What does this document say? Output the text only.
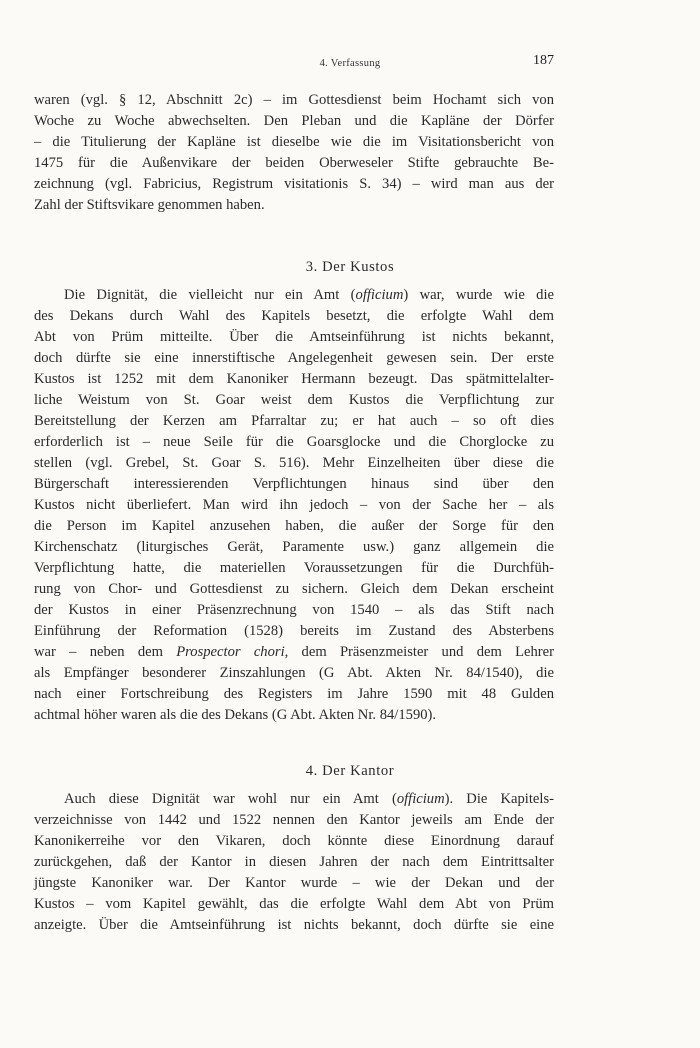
4. Verfassung	187
waren (vgl. § 12, Abschnitt 2c) – im Gottesdienst beim Hochamt sich von
Woche zu Woche abwechselten. Den Pleban und die Kapläne der Dörfer
– die Titulierung der Kapläne ist dieselbe wie die im Visitationsbericht von
1475 für die Außenvikare der beiden Oberweseler Stifte gebrauchte Be-
zeichnung (vgl. Fabricius, Registrum visitationis S. 34) – wird man aus der
Zahl der Stiftsvikare genommen haben.
3. Der Kustos
Die Dignität, die vielleicht nur ein Amt (officium) war, wurde wie die
des Dekans durch Wahl des Kapitels besetzt, die erfolgte Wahl dem
Abt von Prüm mitteilte. Über die Amtseinführung ist nichts bekannt,
doch dürfte sie eine innerstiftische Angelegenheit gewesen sein. Der erste
Kustos ist 1252 mit dem Kanoniker Hermann bezeugt. Das spätmittelalter-
liche Weistum von St. Goar weist dem Kustos die Verpflichtung zur
Bereitstellung der Kerzen am Pfarraltar zu; er hat auch – so oft dies
erforderlich ist – neue Seile für die Goarsglocke und die Chorglocke zu
stellen (vgl. Grebel, St. Goar S. 516). Mehr Einzelheiten über diese die
Bürgerschaft interessierenden Verpflichtungen hinaus sind über den
Kustos nicht überliefert. Man wird ihn jedoch – von der Sache her – als
die Person im Kapitel anzusehen haben, die außer der Sorge für den
Kirchenschatz (liturgisches Gerät, Paramente usw.) ganz allgemein die
Verpflichtung hatte, die materiellen Voraussetzungen für die Durchfüh-
rung von Chor- und Gottesdienst zu sichern. Gleich dem Dekan erscheint
der Kustos in einer Präsenzrechnung von 1540 – als das Stift nach
Einführung der Reformation (1528) bereits im Zustand des Absterbens
war – neben dem Prospector chori, dem Präsenzmeister und dem Lehrer
als Empfänger besonderer Zinszahlungen (G Abt. Akten Nr. 84/1540), die
nach einer Fortschreibung des Registers im Jahre 1590 mit 48 Gulden
achtmal höher waren als die des Dekans (G Abt. Akten Nr. 84/1590).
4. Der Kantor
Auch diese Dignität war wohl nur ein Amt (officium). Die Kapitels-
verzeichnisse von 1442 und 1522 nennen den Kantor jeweils am Ende der
Kanonikerreihe vor den Vikaren, doch könnte diese Einordnung darauf
zurückgehen, daß der Kantor in diesen Jahren der nach dem Eintrittsalter
jüngste Kanoniker war. Der Kantor wurde – wie der Dekan und der
Kustos – vom Kapitel gewählt, das die erfolgte Wahl dem Abt von Prüm
anzeigte. Über die Amtseinführung ist nichts bekannt, doch dürfte sie eine
